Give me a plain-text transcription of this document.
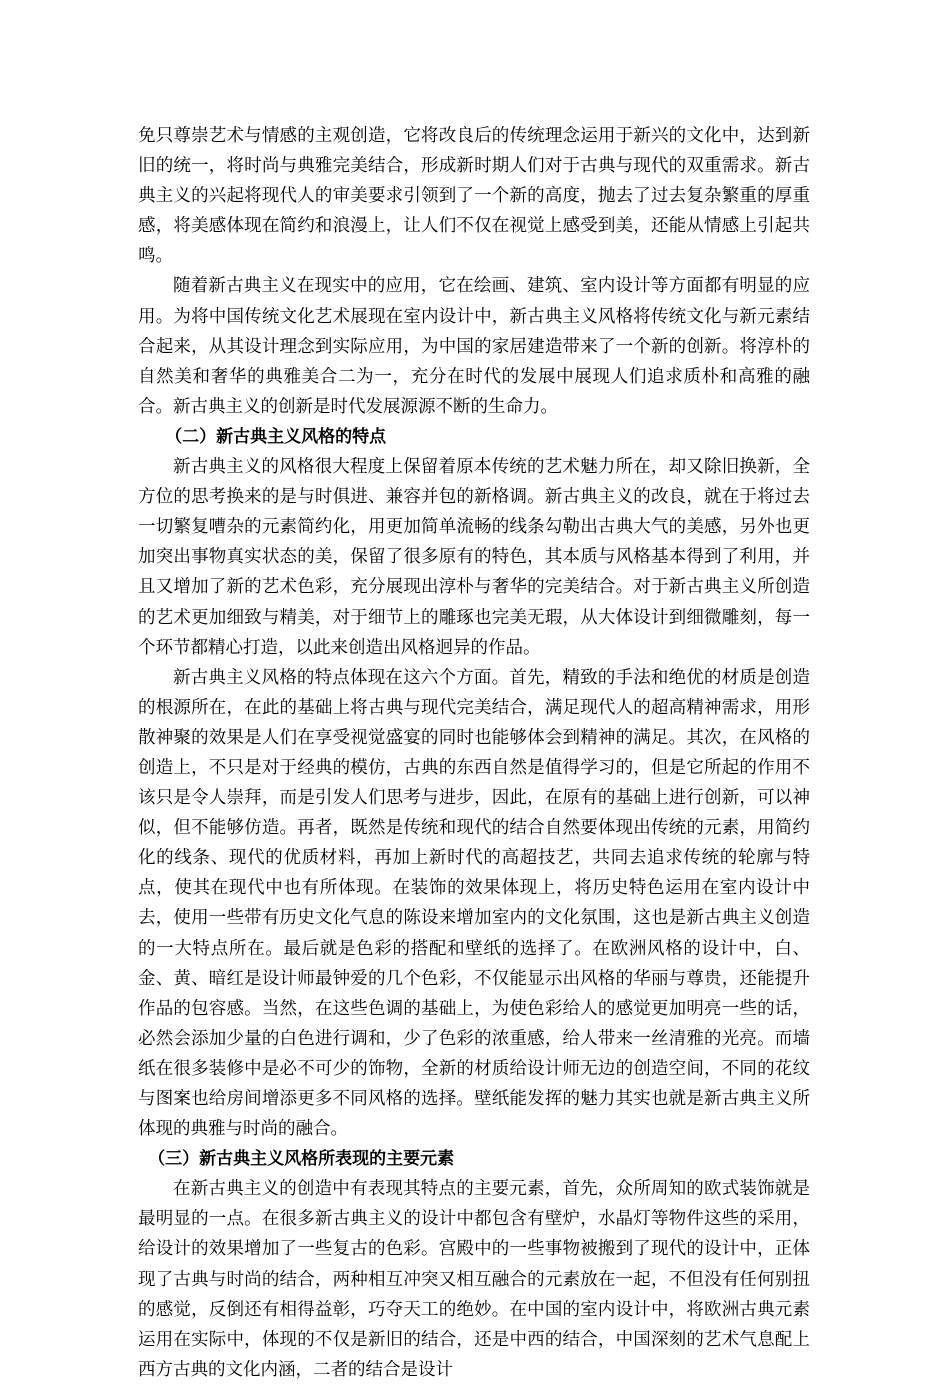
免只尊崇艺术与情感的主观创造，它将改良后的传统理念运用于新兴的文化中，达到新旧的统一，将时尚与典雅完美结合，形成新时期人们对于古典与现代的双重需求。新古典主义的兴起将现代人的审美要求引领到了一个新的高度，抛去了过去复杂繁重的厚重感，将美感体现在简约和浪漫上，让人们不仅在视觉上感受到美，还能从情感上引起共鸣。

随着新古典主义在现实中的应用，它在绘画、建筑、室内设计等方面都有明显的应用。为将中国传统文化艺术展现在室内设计中，新古典主义风格将传统文化与新元素结合起来，从其设计理念到实际应用，为中国的家居建造带来了一个新的创新。将淳朴的自然美和奢华的典雅美合二为一，充分在时代的发展中展现人们追求质朴和高雅的融合。新古典主义的创新是时代发展源源不断的生命力。

（二）新古典主义风格的特点

新古典主义的风格很大程度上保留着原本传统的艺术魅力所在，却又除旧换新，全方位的思考换来的是与时俱进、兼容并包的新格调。新古典主义的改良，就在于将过去一切繁复嘈杂的元素简约化，用更加简单流畅的线条勾勒出古典大气的美感，另外也更加突出事物真实状态的美，保留了很多原有的特色，其本质与风格基本得到了利用，并且又增加了新的艺术色彩，充分展现出淳朴与奢华的完美结合。对于新古典主义所创造的艺术更加细致与精美，对于细节上的雕琢也完美无瑕，从大体设计到细微雕刻，每一个环节都精心打造，以此来创造出风格迥异的作品。

新古典主义风格的特点体现在这六个方面。首先，精致的手法和绝优的材质是创造的根源所在，在此的基础上将古典与现代完美结合，满足现代人的超高精神需求，用形散神聚的效果是人们在享受视觉盛宴的同时也能够体会到精神的满足。其次，在风格的创造上，不只是对于经典的模仿，古典的东西自然是值得学习的，但是它所起的作用不该只是令人崇拜，而是引发人们思考与进步，因此，在原有的基础上进行创新，可以神似，但不能够仿造。再者，既然是传统和现代的结合自然要体现出传统的元素，用简约化的线条、现代的优质材料，再加上新时代的高超技艺，共同去追求传统的轮廓与特点，使其在现代中也有所体现。在装饰的效果体现上，将历史特色运用在室内设计中去，使用一些带有历史文化气息的陈设来增加室内的文化氛围，这也是新古典主义创造的一大特点所在。最后就是色彩的搭配和壁纸的选择了。在欧洲风格的设计中，白、金、黄、暗红是设计师最钟爱的几个色彩，不仅能显示出风格的华丽与尊贵，还能提升作品的包容感。当然，在这些色调的基础上，为使色彩给人的感觉更加明亮一些的话，必然会添加少量的白色进行调和，少了色彩的浓重感，给人带来一丝清雅的光亮。而墙纸在很多装修中是必不可少的饰物，全新的材质给设计师无边的创造空间，不同的花纹与图案也给房间增添更多不同风格的选择。壁纸能发挥的魅力其实也就是新古典主义所体现的典雅与时尚的融合。

（三）新古典主义风格所表现的主要元素

在新古典主义的创造中有表现其特点的主要元素，首先，众所周知的欧式装饰就是最明显的一点。在很多新古典主义的设计中都包含有壁炉，水晶灯等物件这些的采用，给设计的效果增加了一些复古的色彩。宫殿中的一些事物被搬到了现代的设计中，正体现了古典与时尚的结合，两种相互冲突又相互融合的元素放在一起，不但没有任何别扭的感觉，反倒还有相得益彰，巧夺天工的绝妙。在中国的室内设计中，将欧洲古典元素运用在实际中，体现的不仅是新旧的结合，还是中西的结合，中国深刻的艺术气息配上西方古典的文化内涵，二者的结合是设计
